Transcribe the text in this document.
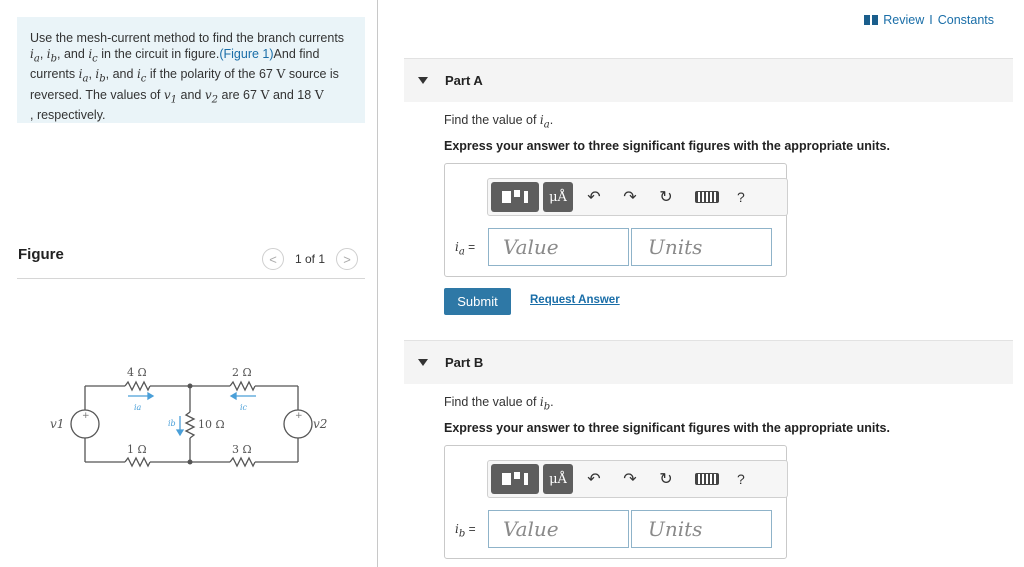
Use the mesh-current method to find the branch currents $i_a$, $i_b$, and $i_c$ in the circuit in figure.(Figure 1)And find currents $i_a$, $i_b$, and $i_c$ if the polarity of the 67 V source is reversed. The values of $v_1$ and $v_2$ are 67 V and 18 V
, respectively.
Figure	<	1 of 1	>
4 Ω	2 Ω
10 Ω
1 Ω	3 Ω
v1	v2
ia	ic
ib
+	+
Review I Constants
Part A
Find the value of $i_a$.
Express your answer to three significant figures with the appropriate units.
μÅ	↶	↷	↻	?
$i_a$ =	Value	Units
Submit	Request Answer
Part B
Find the value of $i_b$.
Express your answer to three significant figures with the appropriate units.
μÅ	↶	↷	↻	?
$i_b$ =	Value	Units
